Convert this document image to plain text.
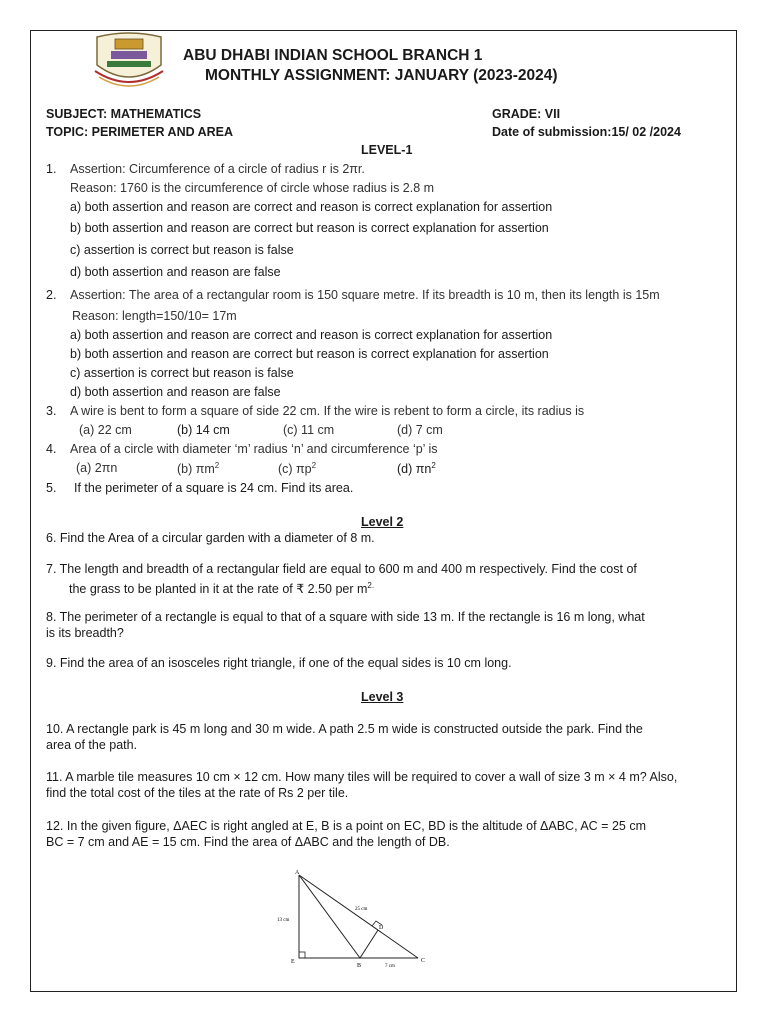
ABU DHABI INDIAN SCHOOL BRANCH 1
MONTHLY ASSIGNMENT: JANUARY (2023-2024)
SUBJECT: MATHEMATICS
TOPIC: PERIMETER AND AREA
GRADE: VII
Date of submission:15/ 02 /2024
LEVEL-1
1. Assertion: Circumference of a circle of radius r is 2πr.
Reason: 1760 is the circumference of circle whose radius is 2.8 m
a) both assertion and reason are correct and reason is correct explanation for assertion
b) both assertion and reason are correct but reason is correct explanation for assertion
c) assertion is correct but reason is false
d) both assertion and reason are false
2. Assertion: The area of a rectangular room is 150 square metre. If its breadth is 10 m, then its length is 15m
Reason: length=150/10= 17m
a) both assertion and reason are correct and reason is correct explanation for assertion
b) both assertion and reason are correct but reason is correct explanation for assertion
c) assertion is correct but reason is false
d) both assertion and reason are false
3. A wire is bent to form a square of side 22 cm. If the wire is rebent to form a circle, its radius is
(a) 22 cm	(b) 14 cm	(c) 11 cm	(d) 7 cm
4. Area of a circle with diameter ‘m’ radius ‘n’ and circumference ‘p’ is
(a) 2πn	(b) $\pi m^2$	(c) $\pi p^2$	(d) $\pi n^2$
5. If the perimeter of a square is 24 cm. Find its area.
Level 2
6. Find the Area of a circular garden with a diameter of 8 m.
7. The length and breadth of a rectangular field are equal to 600 m and 400 m respectively. Find the cost of
the grass to be planted in it at the rate of ₹ 2.50 per $m^{2.}$
8. The perimeter of a rectangle is equal to that of a square with side 13 m. If the rectangle is 16 m long, what
is its breadth?
9. Find the area of an isosceles right triangle, if one of the equal sides is 10 cm long.
Level 3
10. A rectangle park is 45 m long and 30 m wide. A path 2.5 m wide is constructed outside the park. Find the
area of the path.
11. A marble tile measures 10 cm × 12 cm. How many tiles will be required to cover a wall of size 3 m × 4 m? Also,
find the total cost of the tiles at the rate of Rs 2 per tile.
12. In the given figure, ΔAEC is right angled at E, B is a point on EC, BD is the altitude of ΔABC, AC = 25 cm
BC = 7 cm and AE = 15 cm. Find the area of ΔABC and the length of DB.
A
E
B
C
D
13 cm
25 cm
7 cm
